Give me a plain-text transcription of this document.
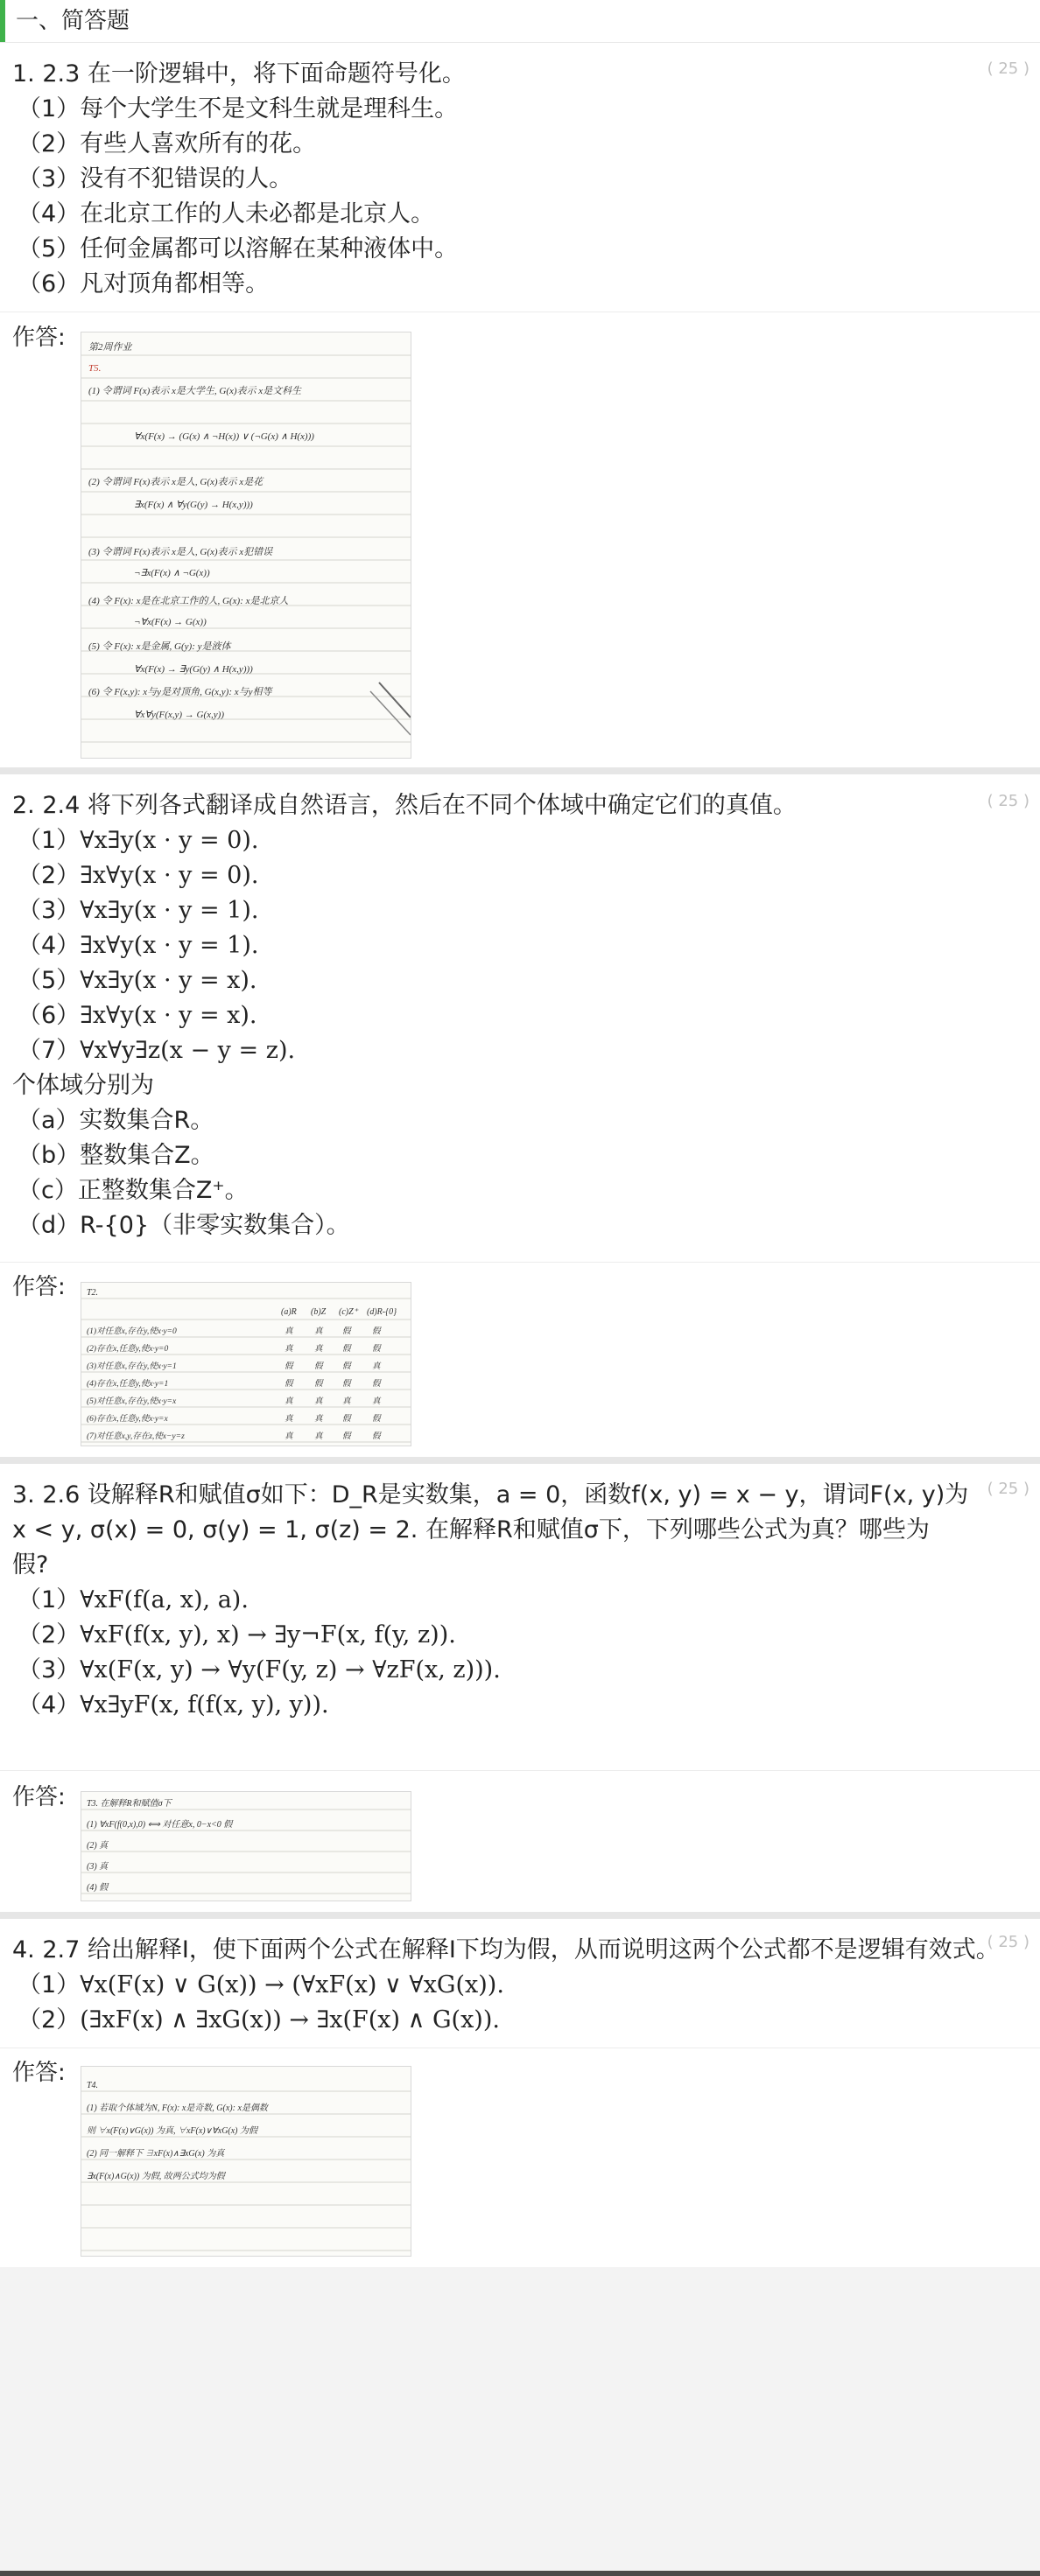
一、简答题
( 25 )
1. 2.3 在一阶逻辑中，将下面命题符号化。
（1）每个大学生不是文科生就是理科生。
（2）有些人喜欢所有的花。
（3）没有不犯错误的人。
（4）在北京工作的人未必都是北京人。
（5）任何金属都可以溶解在某种液体中。
（6）凡对顶角都相等。
作答: 第2周作业
T5.
(1) 令谓词 F(x)表示 x是大学生, G(x)表示 x是文科生
∀x(F(x) → (G(x) ∧ ¬H(x)) ∨ (¬G(x) ∧ H(x)))
(2) 令谓词 F(x)表示 x是人, G(x)表示 x是花
∃x(F(x) ∧ ∀y(G(y) → H(x,y)))
(3) 令谓词 F(x)表示 x是人, G(x)表示 x犯错误
¬∃x(F(x) ∧ ¬G(x))
(4) 令 F(x): x是在北京工作的人, G(x): x是北京人
¬∀x(F(x) → G(x))
(5) 令 F(x): x是金属, G(y): y是液体
∀x(F(x) → ∃y(G(y) ∧ H(x,y)))
(6) 令 F(x,y): x与y是对顶角, G(x,y): x与y相等
∀x∀y(F(x,y) → G(x,y))
( 25 )
2. 2.4 将下列各式翻译成自然语言，然后在不同个体域中确定它们的真值。
（1）∀x∃y(x · y = 0).
（2）∃x∀y(x · y = 0).
（3）∀x∃y(x · y = 1).
（4）∃x∀y(x · y = 1).
（5）∀x∃y(x · y = x).
（6）∃x∀y(x · y = x).
（7）∀x∀y∃z(x − y = z).
个体域分别为
（a）实数集合R。
（b）整数集合Z。
（c）正整数集合Z⁺。
（d）R-{0}（非零实数集合）。
作答: T2.
(a)R (b)Z (c)Z⁺ (d)R-{0}
(1)对任意x,存在y,使x·y=0	真	真 假	假
(2)存在x,任意y,使x·y=0	真	真 假	假
(3)对任意x,存在y,使x·y=1	假	假 假	真
(4)存在x,任意y,使x·y=1	假	假 假	假
(5)对任意x,存在y,使x·y=x	真	真 真	真
(6)存在x,任意y,使x·y=x	真	真 假	假
(7)对任意x,y,存在z,使x−y=z	真	真 假	假
( 25 )
3. 2.6 设解释R和赋值σ如下：D_R是实数集，a = 0，函数f(x, y) = x − y，谓词F(x, y)为
x < y, σ(x) = 0, σ(y) = 1, σ(z) = 2. 在解释R和赋值σ下，下列哪些公式为真？哪些为
假?
（1）∀xF(f(a, x), a).
（2）∀xF(f(x, y), x) → ∃y¬F(x, f(y, z)).
（3）∀x(F(x, y) → ∀y(F(y, z) → ∀zF(x, z))).
（4）∀x∃yF(x, f(f(x, y), y)).
作答: T3. 在解释R和赋值σ下
(1) ∀xF(f(0,x),0) ⟺ 对任意x, 0−x<0 假
(2) 真
(3) 真
(4) 假
( 25 )
4. 2.7 给出解释I，使下面两个公式在解释I下均为假，从而说明这两个公式都不是逻辑有效式。
（1）∀x(F(x) ∨ G(x)) → (∀xF(x) ∨ ∀xG(x)).
（2）(∃xF(x) ∧ ∃xG(x)) → ∃x(F(x) ∧ G(x)).
作答: T4.
(1) 若取个体域为N, F(x): x是奇数, G(x): x是偶数
则 ∀x(F(x)∨G(x)) 为真, ∀xF(x)∨∀xG(x) 为假
(2) 同一解释下 ∃xF(x)∧∃xG(x) 为真
∃x(F(x)∧G(x)) 为假, 故两公式均为假
